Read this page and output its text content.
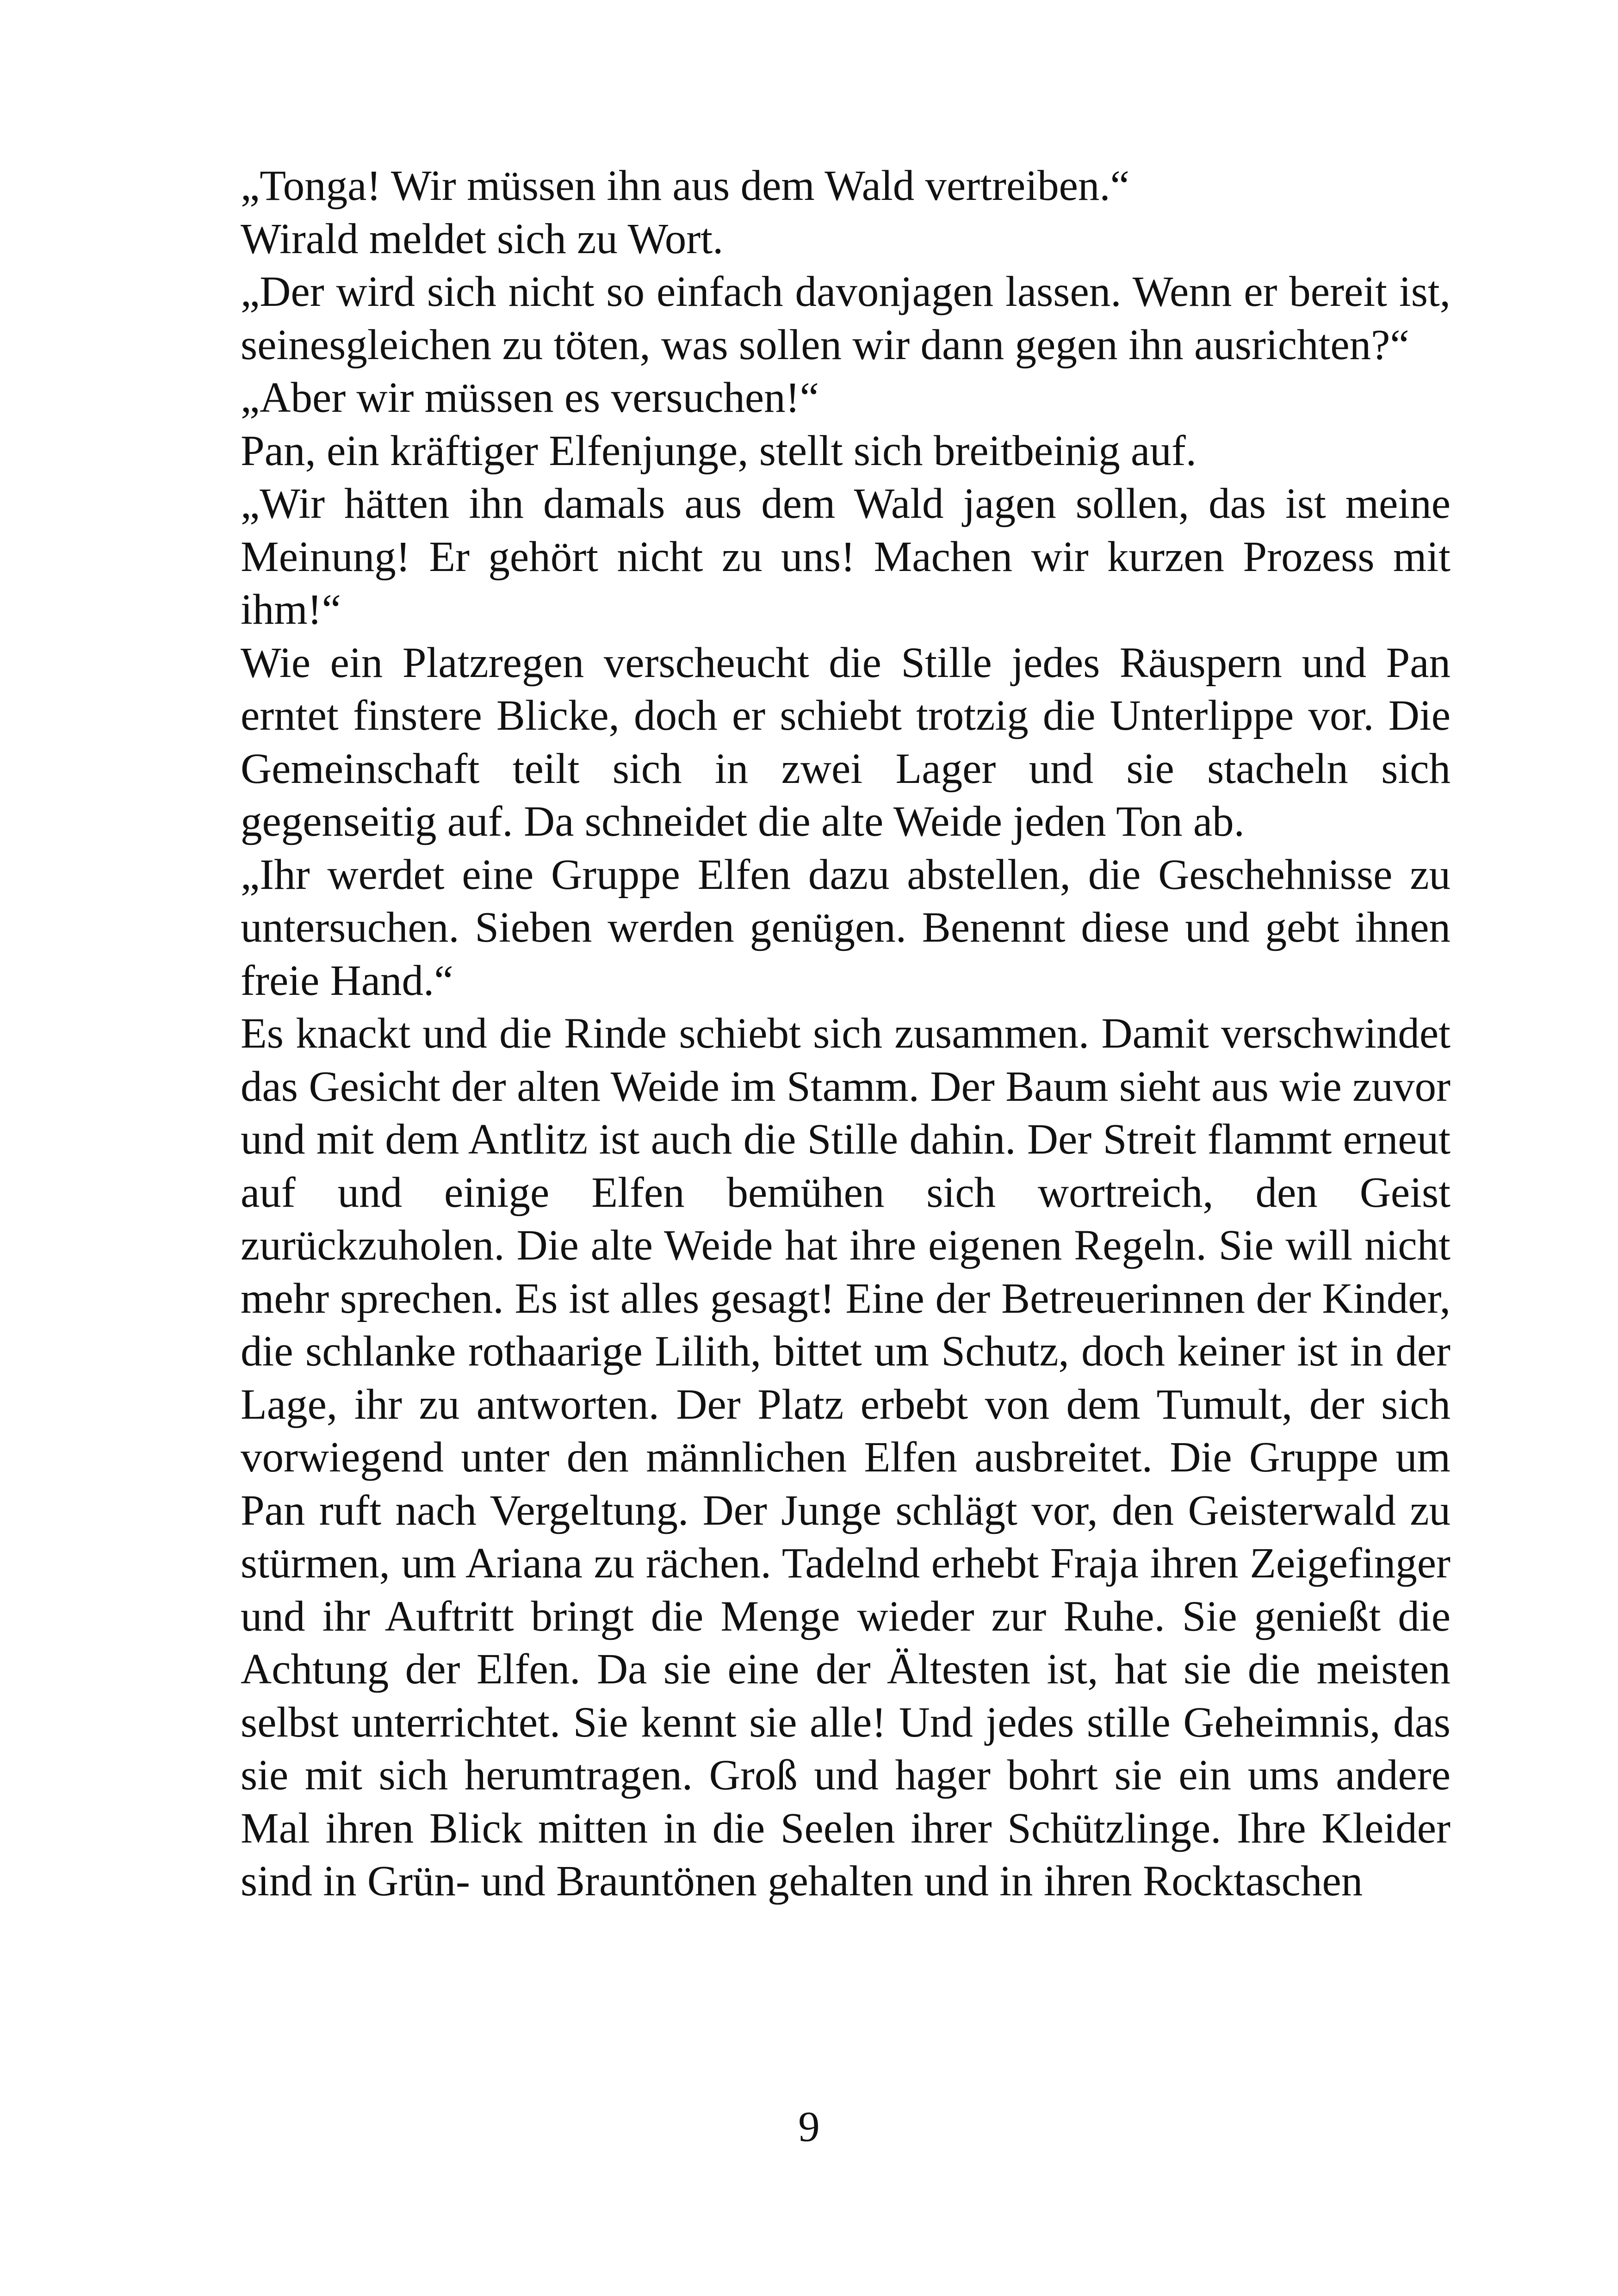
„Tonga! Wir müssen ihn aus dem Wald vertreiben.“

Wirald meldet sich zu Wort.

„Der wird sich nicht so einfach davonjagen lassen. Wenn er bereit ist, seinesgleichen zu töten, was sollen wir dann gegen ihn ausrichten?“

„Aber wir müssen es versuchen!“

Pan, ein kräftiger Elfenjunge, stellt sich breitbeinig auf.

„Wir hätten ihn damals aus dem Wald jagen sollen, das ist meine Meinung! Er gehört nicht zu uns! Machen wir kurzen Prozess mit ihm!“

Wie ein Platzregen verscheucht die Stille jedes Räuspern und Pan erntet finstere Blicke, doch er schiebt trotzig die Unterlippe vor. Die Gemeinschaft teilt sich in zwei Lager und sie stacheln sich gegenseitig auf. Da schneidet die alte Weide jeden Ton ab.

„Ihr werdet eine Gruppe Elfen dazu abstellen, die Geschehnisse zu untersuchen. Sieben werden genügen. Benennt diese und gebt ihnen freie Hand.“

Es knackt und die Rinde schiebt sich zusammen. Damit verschwindet das Gesicht der alten Weide im Stamm. Der Baum sieht aus wie zuvor und mit dem Antlitz ist auch die Stille dahin. Der Streit flammt erneut auf und einige Elfen bemühen sich wortreich, den Geist zurückzuholen. Die alte Weide hat ihre eigenen Regeln. Sie will nicht mehr sprechen. Es ist alles gesagt! Eine der Betreuerinnen der Kinder, die schlanke rothaarige Lilith, bittet um Schutz, doch keiner ist in der Lage, ihr zu antworten. Der Platz erbebt von dem Tumult, der sich vorwiegend unter den männlichen Elfen ausbreitet. Die Gruppe um Pan ruft nach Vergeltung. Der Junge schlägt vor, den Geisterwald zu stürmen, um Ariana zu rächen. Tadelnd erhebt Fraja ihren Zeigefinger und ihr Auftritt bringt die Menge wieder zur Ruhe. Sie genießt die Achtung der Elfen. Da sie eine der Ältesten ist, hat sie die meisten selbst unterrichtet. Sie kennt sie alle! Und jedes stille Geheimnis, das sie mit sich herumtragen. Groß und hager bohrt sie ein ums andere Mal ihren Blick mitten in die Seelen ihrer Schützlinge. Ihre Kleider sind in Grün- und Brauntönen gehalten und in ihren Rocktaschen

9
